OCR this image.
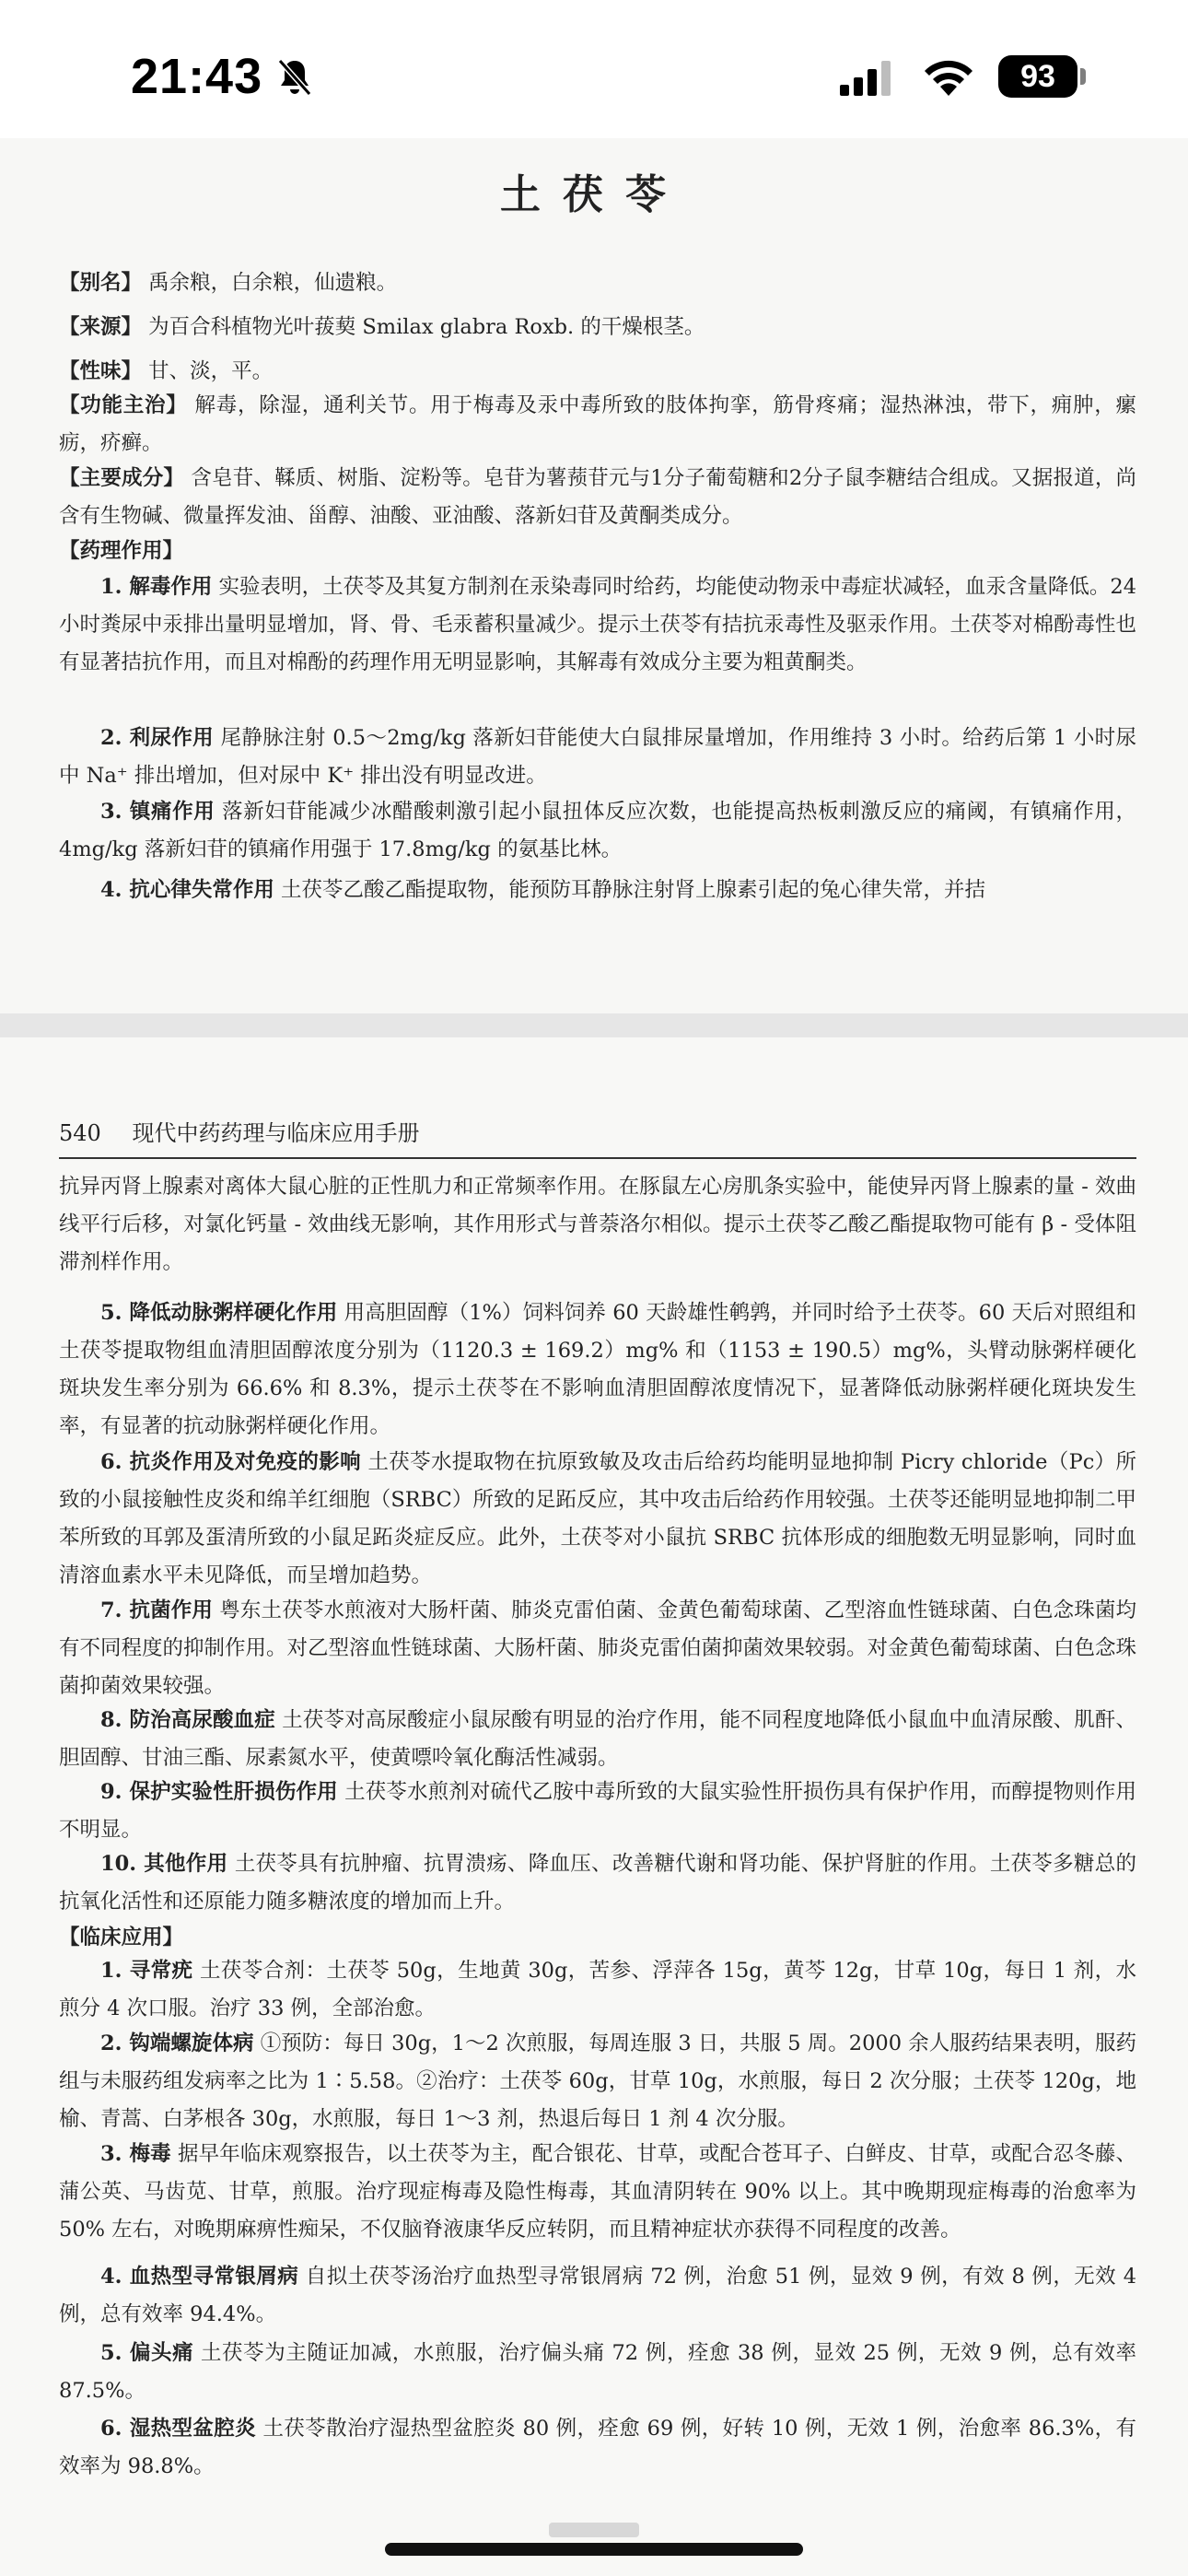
21:43	93
土茯苓

【别名】 禹余粮，白余粮，仙遗粮。

【来源】 为百合科植物光叶菝葜 Smilax glabra Roxb. 的干燥根茎。

【性味】 甘、淡，平。

【功能主治】 解毒，除湿，通利关节。用于梅毒及汞中毒所致的肢体拘挛，筋骨疼痛；湿热淋浊，带下，痈肿，瘰疬，疥癣。

【主要成分】 含皂苷、鞣质、树脂、淀粉等。皂苷为薯蓣苷元与1分子葡萄糖和2分子鼠李糖结合组成。又据报道，尚含有生物碱、微量挥发油、甾醇、油酸、亚油酸、落新妇苷及黄酮类成分。

【药理作用】

1. 解毒作用 实验表明，土茯苓及其复方制剂在汞染毒同时给药，均能使动物汞中毒症状减轻，血汞含量降低。24 小时粪尿中汞排出量明显增加，肾、骨、毛汞蓄积量减少。提示土茯苓有拮抗汞毒性及驱汞作用。土茯苓对棉酚毒性也有显著拮抗作用，而且对棉酚的药理作用无明显影响，其解毒有效成分主要为粗黄酮类。

2. 利尿作用 尾静脉注射 0.5～2mg/kg 落新妇苷能使大白鼠排尿量增加，作用维持 3 小时。给药后第 1 小时尿中 Na⁺ 排出增加，但对尿中 K⁺ 排出没有明显改进。

3. 镇痛作用 落新妇苷能减少冰醋酸刺激引起小鼠扭体反应次数，也能提高热板刺激反应的痛阈，有镇痛作用，4mg/kg 落新妇苷的镇痛作用强于 17.8mg/kg 的氨基比林。

4. 抗心律失常作用 土茯苓乙酸乙酯提取物，能预防耳静脉注射肾上腺素引起的兔心律失常，并拮

540 现代中药药理与临床应用手册

抗异丙肾上腺素对离体大鼠心脏的正性肌力和正常频率作用。在豚鼠左心房肌条实验中，能使异丙肾上腺素的量 - 效曲线平行后移，对氯化钙量 - 效曲线无影响，其作用形式与普萘洛尔相似。提示土茯苓乙酸乙酯提取物可能有 β - 受体阻滞剂样作用。

5. 降低动脉粥样硬化作用 用高胆固醇（1%）饲料饲养 60 天龄雄性鹌鹑，并同时给予土茯苓。60 天后对照组和土茯苓提取物组血清胆固醇浓度分别为（1120.3 ± 169.2）mg% 和（1153 ± 190.5）mg%，头臂动脉粥样硬化斑块发生率分别为 66.6% 和 8.3%，提示土茯苓在不影响血清胆固醇浓度情况下，显著降低动脉粥样硬化斑块发生率，有显著的抗动脉粥样硬化作用。

6. 抗炎作用及对免疫的影响 土茯苓水提取物在抗原致敏及攻击后给药均能明显地抑制 Picry chloride（Pc）所致的小鼠接触性皮炎和绵羊红细胞（SRBC）所致的足跖反应，其中攻击后给药作用较强。土茯苓还能明显地抑制二甲苯所致的耳郭及蛋清所致的小鼠足跖炎症反应。此外，土茯苓对小鼠抗 SRBC 抗体形成的细胞数无明显影响，同时血清溶血素水平未见降低，而呈增加趋势。

7. 抗菌作用 粤东土茯苓水煎液对大肠杆菌、肺炎克雷伯菌、金黄色葡萄球菌、乙型溶血性链球菌、白色念珠菌均有不同程度的抑制作用。对乙型溶血性链球菌、大肠杆菌、肺炎克雷伯菌抑菌效果较弱。对金黄色葡萄球菌、白色念珠菌抑菌效果较强。

8. 防治高尿酸血症 土茯苓对高尿酸症小鼠尿酸有明显的治疗作用，能不同程度地降低小鼠血中血清尿酸、肌酐、胆固醇、甘油三酯、尿素氮水平，使黄嘌呤氧化酶活性减弱。

9. 保护实验性肝损伤作用 土茯苓水煎剂对硫代乙胺中毒所致的大鼠实验性肝损伤具有保护作用，而醇提物则作用不明显。

10. 其他作用 土茯苓具有抗肿瘤、抗胃溃疡、降血压、改善糖代谢和肾功能、保护肾脏的作用。土茯苓多糖总的抗氧化活性和还原能力随多糖浓度的增加而上升。

【临床应用】

1. 寻常疣 土茯苓合剂：土茯苓 50g，生地黄 30g，苦参、浮萍各 15g，黄芩 12g，甘草 10g，每日 1 剂，水煎分 4 次口服。治疗 33 例，全部治愈。

2. 钩端螺旋体病 ①预防：每日 30g，1～2 次煎服，每周连服 3 日，共服 5 周。2000 余人服药结果表明，服药组与未服药组发病率之比为 1∶5.58。②治疗：土茯苓 60g，甘草 10g，水煎服，每日 2 次分服；土茯苓 120g，地榆、青蒿、白茅根各 30g，水煎服，每日 1～3 剂，热退后每日 1 剂 4 次分服。

3. 梅毒 据早年临床观察报告，以土茯苓为主，配合银花、甘草，或配合苍耳子、白鲜皮、甘草，或配合忍冬藤、蒲公英、马齿苋、甘草，煎服。治疗现症梅毒及隐性梅毒，其血清阴转在 90% 以上。其中晚期现症梅毒的治愈率为 50% 左右，对晚期麻痹性痴呆，不仅脑脊液康华反应转阴，而且精神症状亦获得不同程度的改善。

4. 血热型寻常银屑病 自拟土茯苓汤治疗血热型寻常银屑病 72 例，治愈 51 例，显效 9 例，有效 8 例，无效 4 例，总有效率 94.4%。

5. 偏头痛 土茯苓为主随证加减，水煎服，治疗偏头痛 72 例，痊愈 38 例，显效 25 例，无效 9 例，总有效率 87.5%。

6. 湿热型盆腔炎 土茯苓散治疗湿热型盆腔炎 80 例，痊愈 69 例，好转 10 例，无效 1 例，治愈率 86.3%，有效率为 98.8%。
